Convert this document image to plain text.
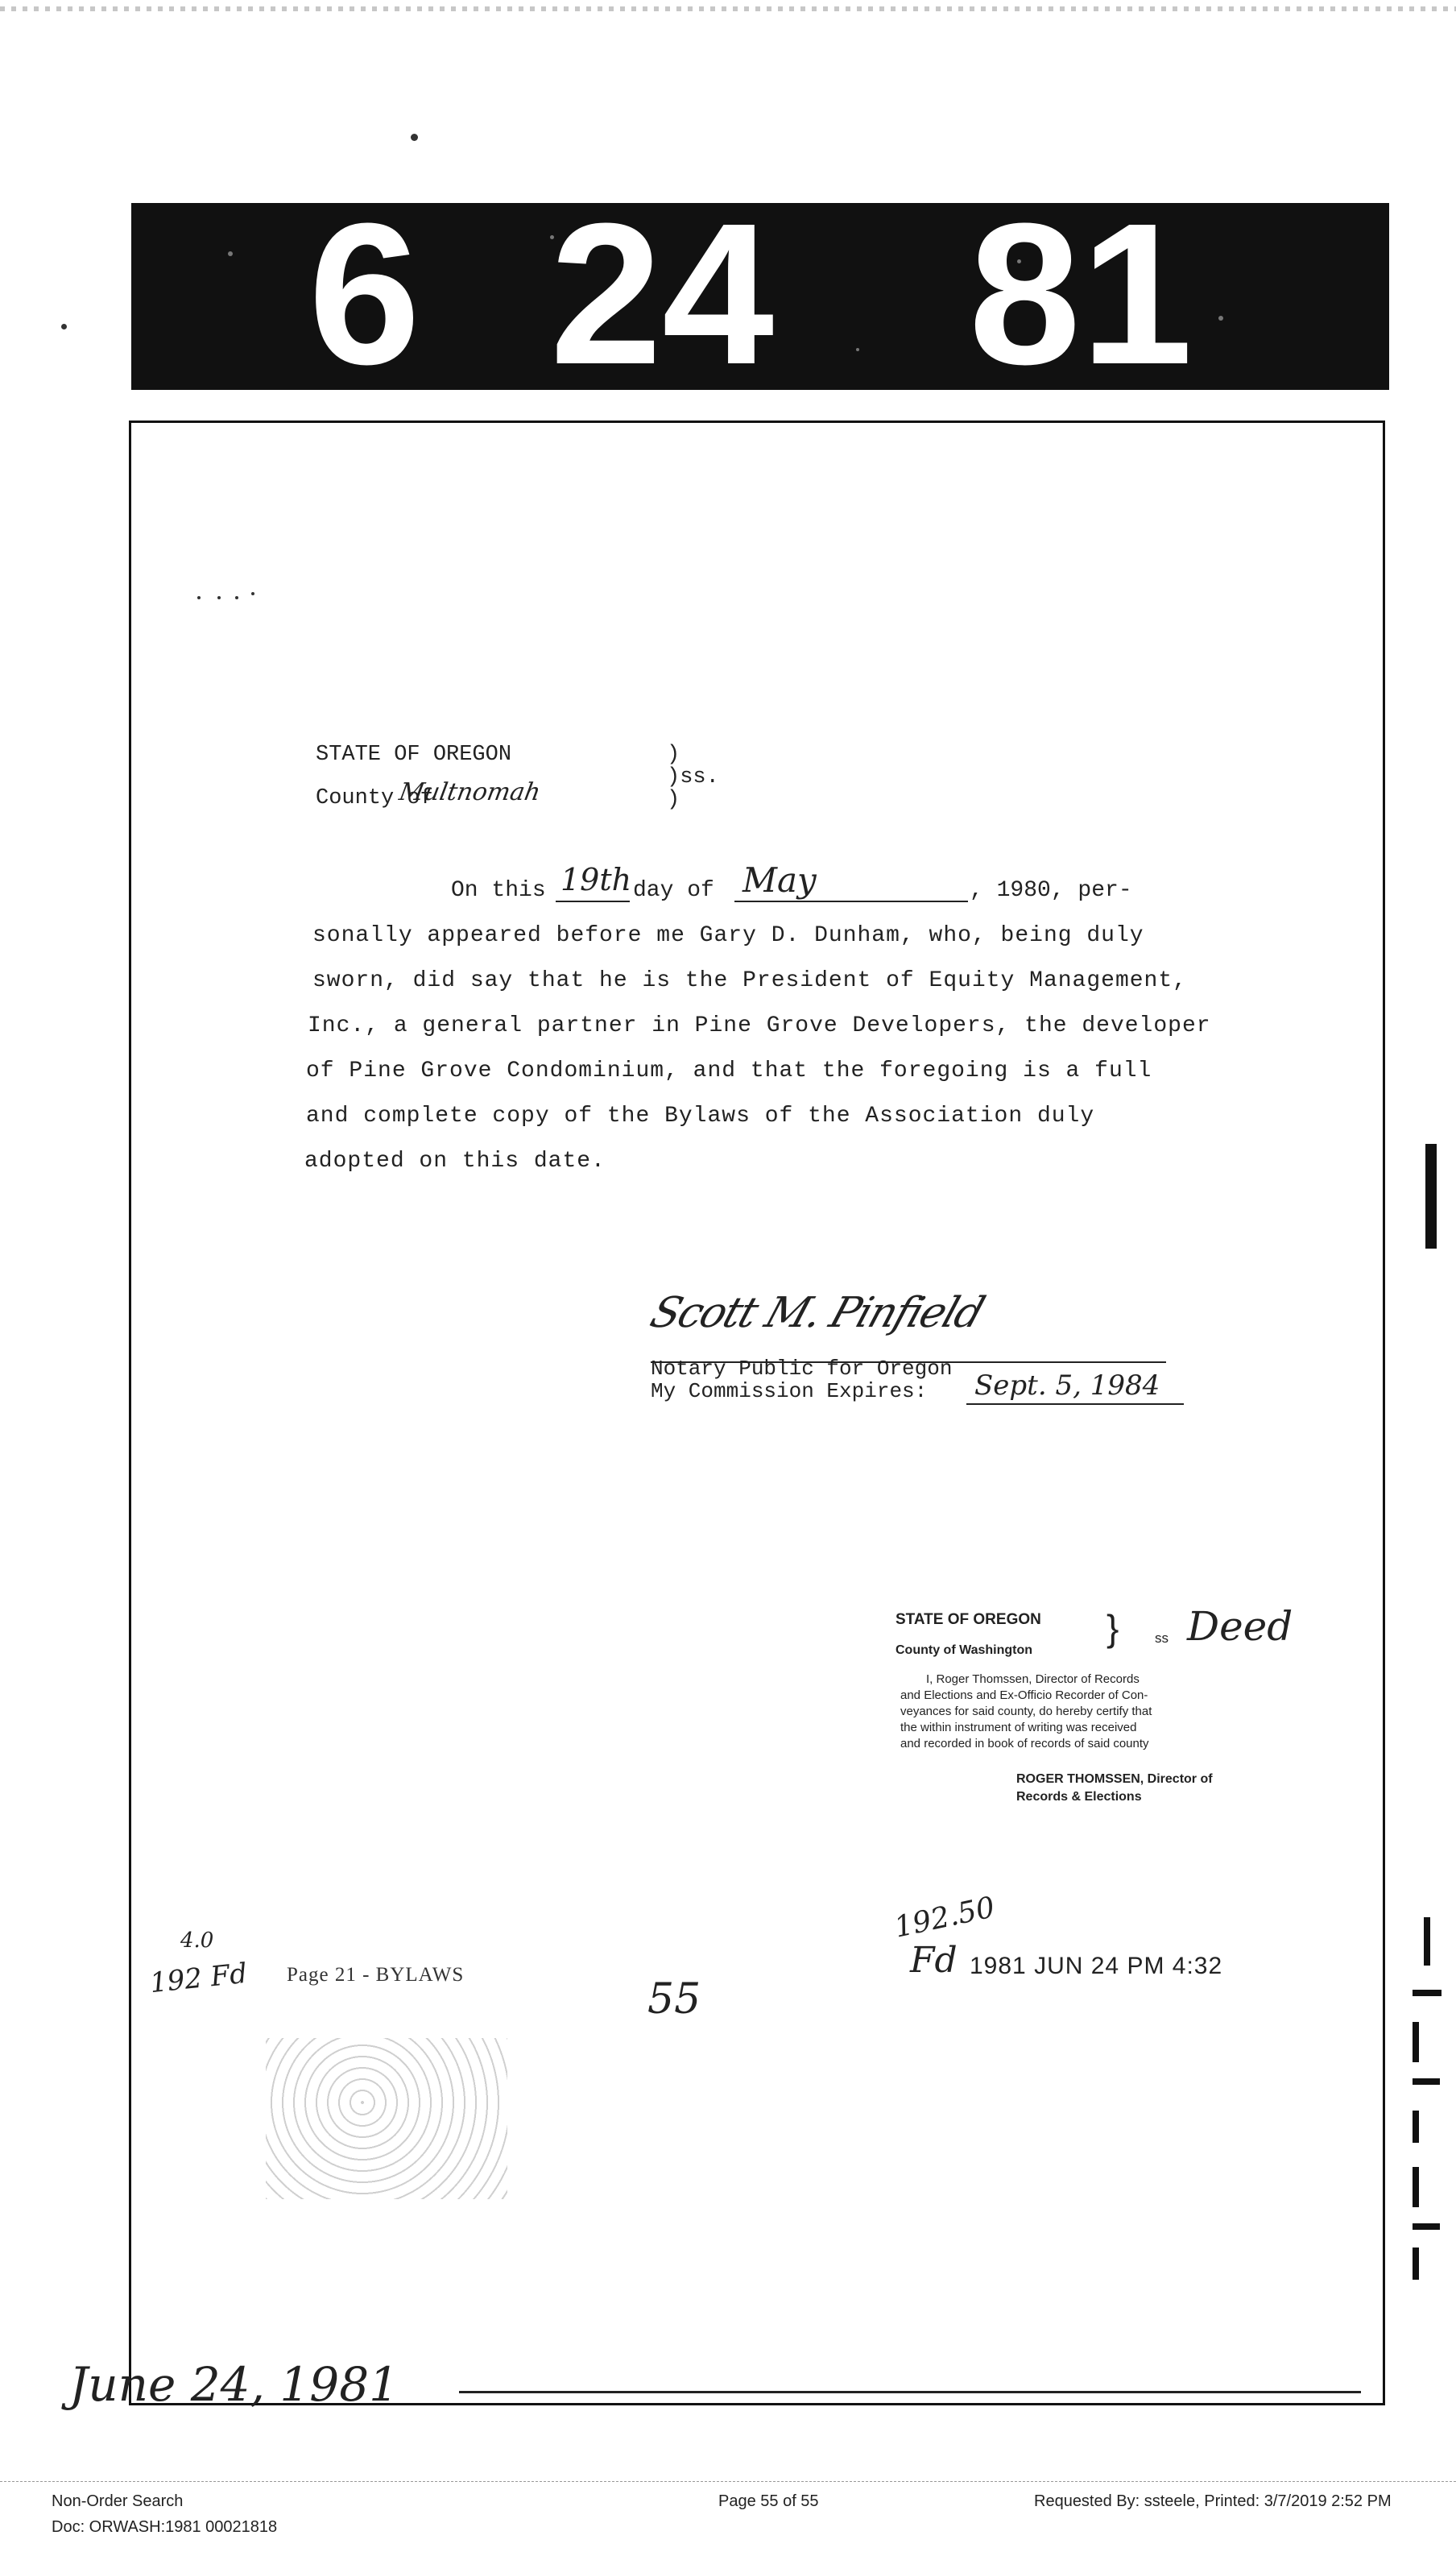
6 24 81
STATE OF OREGON
County of
Multnomah
)
)ss.
)
On this 19th day of May	, 1980, per-
sonally appeared before me Gary D. Dunham, who, being duly
sworn, did say that he is the President of Equity Management,
Inc., a general partner in Pine Grove Developers, the developer
of Pine Grove Condominium, and that the foregoing is a full
and complete copy of the Bylaws of the Association duly
adopted on this date.
Scott M. Pinfield
Notary Public for Oregon
My Commission Expires: Sept. 5, 1984
STATE OF OREGON
County of Washington
}	ss Deed
I, Roger Thomssen, Director of Records
and Elections and Ex-Officio Recorder of Con-
veyances for said county, do hereby certify that
the within instrument of writing was received
and recorded in book of records of said county
ROGER THOMSSEN, Director of
Records & Elections
192.50
Fd 1981 JUN 24 PM 4:32
4.0
192 Fd Page 21 - BYLAWS
55
June 24, 1981
Non-Order Search
Doc: ORWASH:1981 00021818
Page 55 of 55	Requested By: ssteele, Printed: 3/7/2019 2:52 PM
